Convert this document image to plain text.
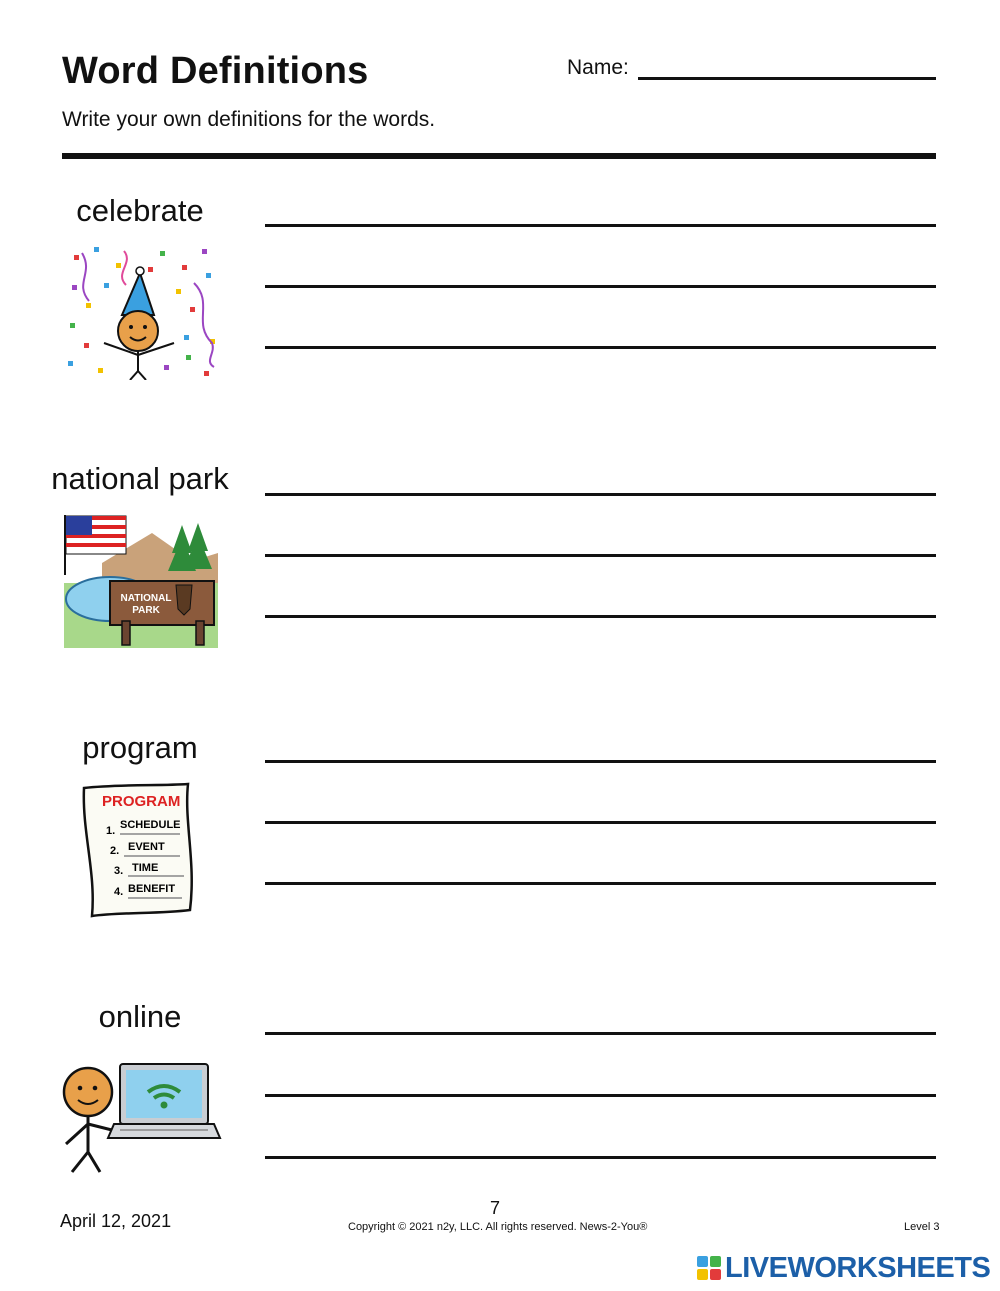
Word Definitions
Write your own definitions for the words.
Name:
celebrate
national park
NATIONAL
PARK
program
PROGRAM
1. SCHEDULE
2. EVENT
3. TIME
4. BENEFIT
online
April 12, 2021
7
Copyright © 2021 n2y, LLC. All rights reserved. News-2-You®	Level 3
LIVEWORKSHEETS
